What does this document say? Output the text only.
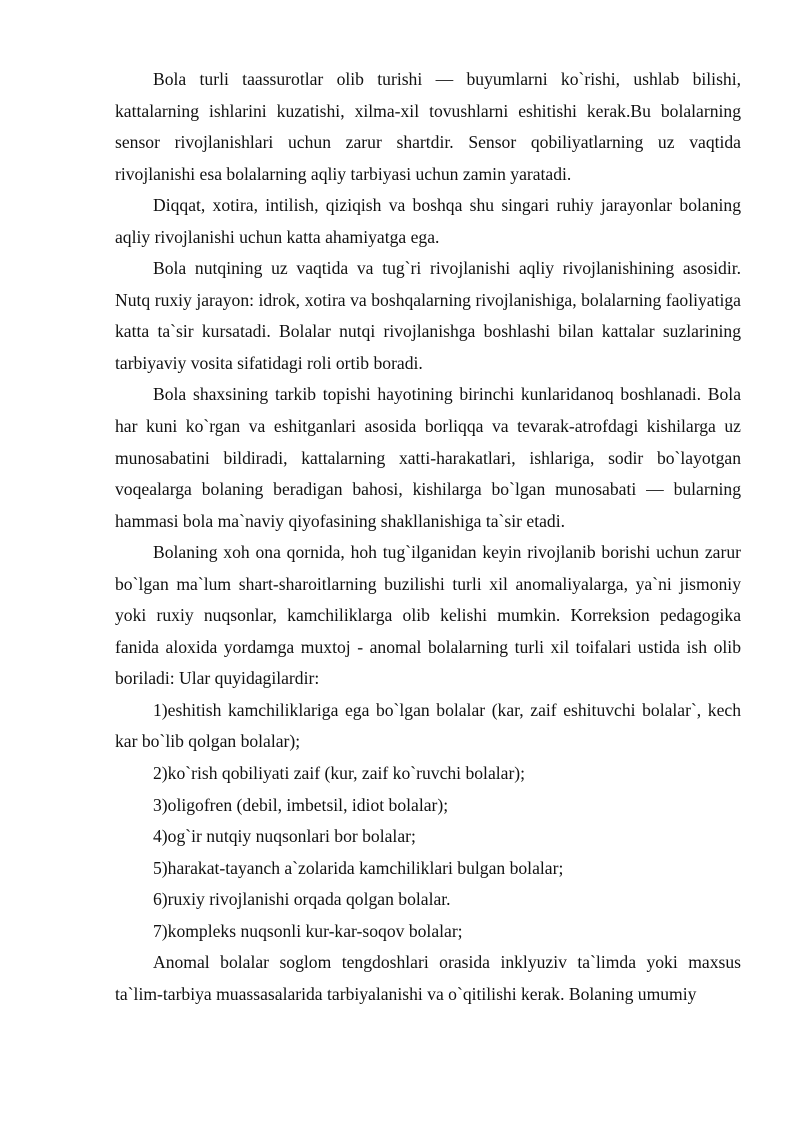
Bola turli taassurotlar olib turishi — buyumlarni ko`rishi, ushlab bilishi, kattalarning ishlarini kuzatishi, xilma-xil tovushlarni eshitishi kerak.Bu bolalarning sensor rivojlanishlari uchun zarur shartdir. Sensor qobiliyatlarning uz vaqtida rivojlanishi esa bolalarning aqliy tarbiyasi uchun zamin yaratadi.

Diqqat, xotira, intilish, qiziqish va boshqa shu singari ruhiy jarayonlar bolaning aqliy rivojlanishi uchun katta ahamiyatga ega.

Bola nutqining uz vaqtida va tug`ri rivojlanishi aqliy rivojlanishining asosidir. Nutq ruxiy jarayon: idrok, xotira va boshqalarning rivojlanishiga, bolalarning faoliyatiga katta ta`sir kursatadi. Bolalar nutqi rivojlanishga boshlashi bilan kattalar suzlarining tarbiyaviy vosita sifatidagi roli ortib boradi.

Bola shaxsining tarkib topishi hayotining birinchi kunlaridanoq boshlanadi. Bola har kuni ko`rgan va eshitganlari asosida borliqqa va tevarak-atrofdagi kishilarga uz munosabatini bildiradi, kattalarning xatti-harakatlari, ishlariga, sodir bo`layotgan voqealarga bolaning beradigan bahosi, kishilarga bo`lgan munosabati — bularning hammasi bola ma`naviy qiyofasining shakllanishiga ta`sir etadi.

Bolaning xoh ona qornida, hoh tug`ilganidan keyin rivojlanib borishi uchun zarur bo`lgan ma`lum shart-sharoitlarning buzilishi turli xil anomaliyalarga, ya`ni jismoniy yoki ruxiy nuqsonlar, kamchiliklarga olib kelishi mumkin. Korreksion pedagogika fanida aloxida yordamga muxtoj - anomal bolalarning turli xil toifalari ustida ish olib boriladi: Ular quyidagilardir:

1)eshitish kamchiliklariga ega bo`lgan bolalar (kar, zaif eshituvchi bolalar`, kech kar bo`lib qolgan bolalar);

2)ko`rish qobiliyati zaif (kur, zaif ko`ruvchi bolalar);

3)oligofren (debil, imbetsil, idiot bolalar);

4)og`ir nutqiy nuqsonlari bor bolalar;

5)harakat-tayanch a`zolarida kamchiliklari bulgan bolalar;

6)ruxiy rivojlanishi orqada qolgan bolalar.

7)kompleks nuqsonli kur-kar-soqov bolalar;

Anomal bolalar soglom tengdoshlari orasida inklyuziv ta`limda yoki maxsus ta`lim-tarbiya muassasalarida tarbiyalanishi va o`qitilishi kerak. Bolaning umumiy
